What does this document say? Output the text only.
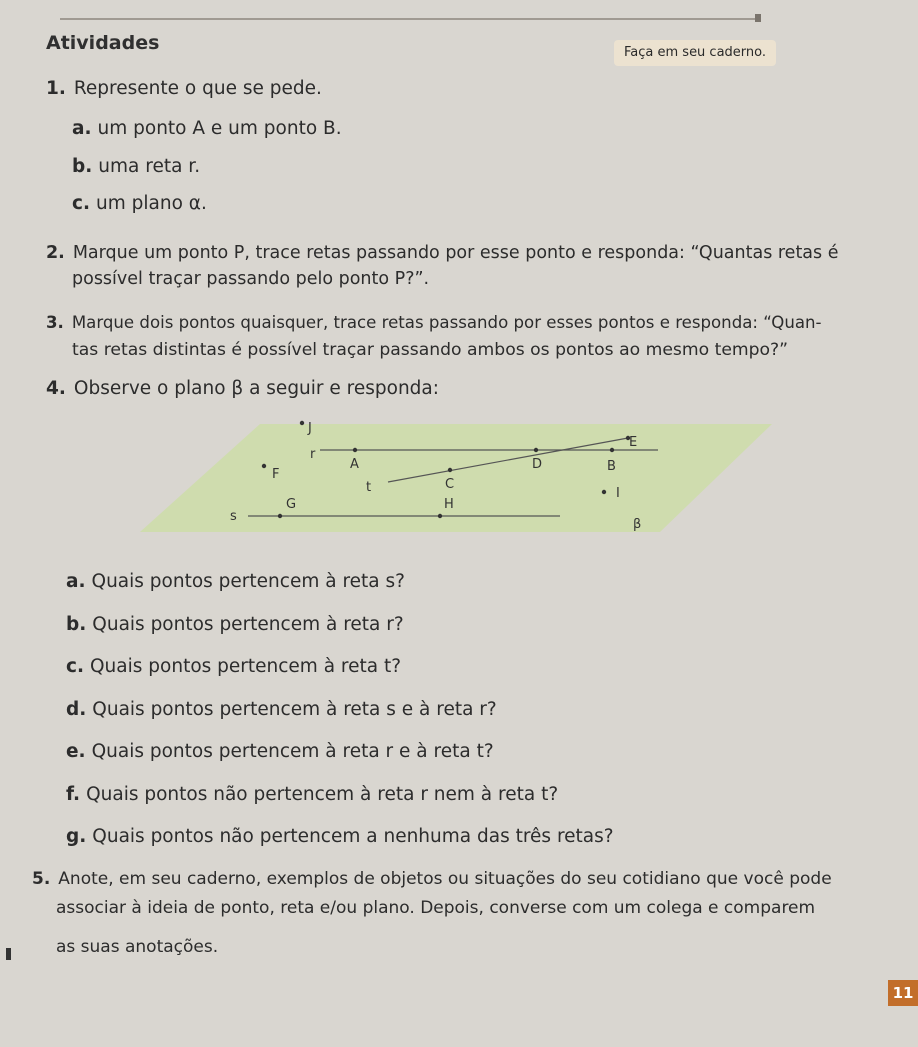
Atividades	Faça em seu caderno.
1. Represente o que se pede.
a. um ponto A e um ponto B.
b. uma reta r.
c. um plano α.
2. Marque um ponto P, trace retas passando por esse ponto e responda: “Quantas retas é
possível traçar passando pelo ponto P?”.
3. Marque dois pontos quaisquer, trace retas passando por esses pontos e responda: “Quan-
tas retas distintas é possível traçar passando ambos os pontos ao mesmo tempo?”
4. Observe o plano β a seguir e responda:
J
r
A	D	B
E
C
t
F
I
s
G	H
β
a. Quais pontos pertencem à reta s?
b. Quais pontos pertencem à reta r?
c. Quais pontos pertencem à reta t?
d. Quais pontos pertencem à reta s e à reta r?
e. Quais pontos pertencem à reta r e à reta t?
f. Quais pontos não pertencem à reta r nem à reta t?
g. Quais pontos não pertencem a nenhuma das três retas?
5. Anote, em seu caderno, exemplos de objetos ou situações do seu cotidiano que você pode
associar à ideia de ponto, reta e/ou plano. Depois, converse com um colega e comparem
as suas anotações.
11
